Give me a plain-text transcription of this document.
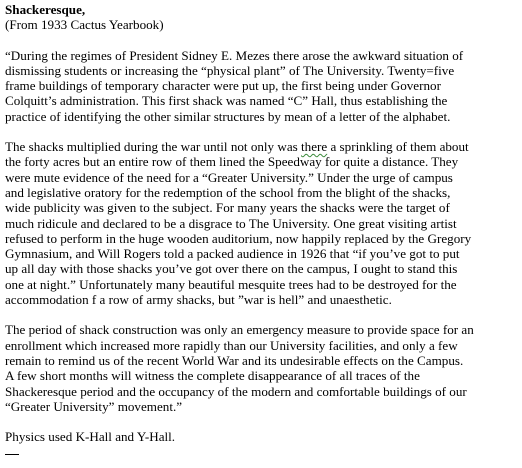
Shackeresque,
(From 1933 Cactus Yearbook)
“During the regimes of President Sidney E. Mezes there arose the awkward situation of
dismissing students or increasing the “physical plant” of The University. Twenty=five
frame buildings of temporary character were put up, the first being under Governor
Colquitt’s administration. This first shack was named “C” Hall, thus establishing the
practice of identifying the other similar structures by mean of a letter of the alphabet.
The shacks multiplied during the war until not only was there a sprinkling of them about
the forty acres but an entire row of them lined the Speedway for quite a distance. They
were mute evidence of the need for a “Greater University.” Under the urge of campus
and legislative oratory for the redemption of the school from the blight of the shacks,
wide publicity was given to the subject. For many years the shacks were the target of
much ridicule and declared to be a disgrace to The University. One great visiting artist
refused to perform in the huge wooden auditorium, now happily replaced by the Gregory
Gymnasium, and Will Rogers told a packed audience in 1926 that “if you’ve got to put
up all day with those shacks you’ve got over there on the campus, I ought to stand this
one at night.” Unfortunately many beautiful mesquite trees had to be destroyed for the
accommodation f a row of army shacks, but ”war is hell” and unaesthetic.
The period of shack construction was only an emergency measure to provide space for an
enrollment which increased more rapidly than our University facilities, and only a few
remain to remind us of the recent World War and its undesirable effects on the Campus.
A few short months will witness the complete disappearance of all traces of the
Shackeresque period and the occupancy of the modern and comfortable buildings of our
“Greater University” movement.”
Physics used K-Hall and Y-Hall.
